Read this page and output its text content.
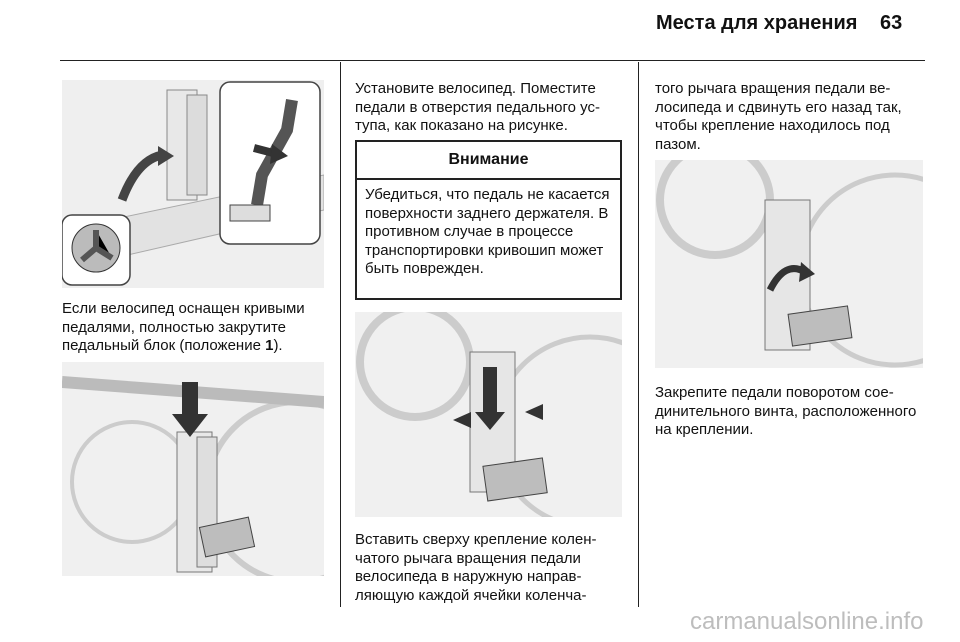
Места для хранения 63
Если велосипед оснащен кривыми педалями, полностью закрутите педальный блок (положение 1).
Установите велосипед. Поместите педали в отверстия педального уступа, как показано на рисунке.
Внимание
Убедиться, что педаль не касается поверхности заднего держателя. В противном случае в процессе транспортировки кривошип может быть поврежден.
Вставить сверху крепление коленчатого рычага вращения педали велосипеда в наружную направляющую каждой ячейки коленча-
того рычага вращения педали велосипеда и сдвинуть его назад так, чтобы крепление находилось под пазом.
Закрепите педали поворотом соединительного винта, расположенного на креплении.
carmanualsonline.info
